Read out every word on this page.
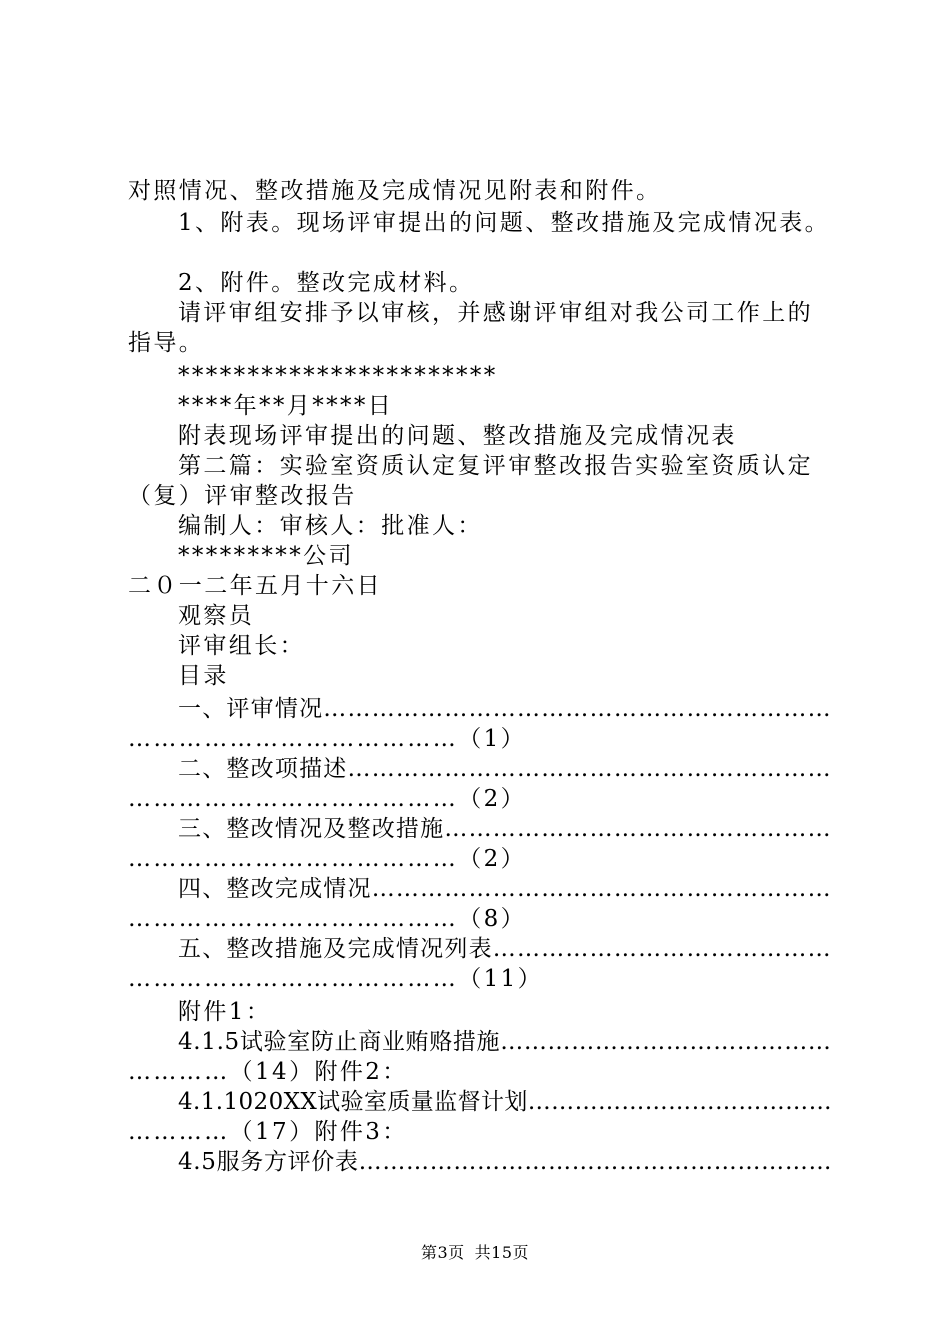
对照情况、整改措施及完成情况见附表和附件。

1、附表。现场评审提出的问题、整改措施及完成情况表。

2、附件。整改完成材料。

请评审组安排予以审核，并感谢评审组对我公司工作上的

指导。

***********************

****年**月****日

附表现场评审提出的问题、整改措施及完成情况表

第二篇：实验室资质认定复评审整改报告实验室资质认定

（复）评审整改报告

编制人：审核人：批准人：

*********公司

二０一二年五月十六日

观察员

评审组长：

目录

一、评审情况………………………………………………………

…………………………………（1）

二、整改项描述……………………………………………………

…………………………………（2）

三、整改情况及整改措施…………………………………………

…………………………………（2）

四、整改完成情况…………………………………………………

…………………………………（8）

五、整改措施及完成情况列表……………………………………

…………………………………（11）

附件1：

4.1.5试验室防止商业贿赂措施……………………………………

…………（14）附件2：

4.1.1020XX试验室质量监督计划…………………………………

…………（17）附件3：

4.5服务方评价表……………………………………………………

第3页 共15页
